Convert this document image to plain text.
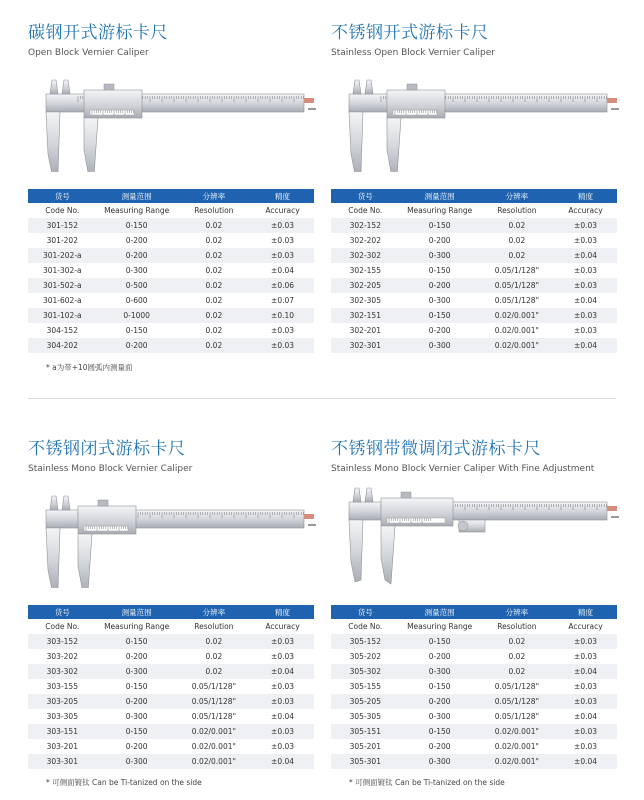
碳钢开式游标卡尺
Open Block Vernier Caliper
货号	测量范围	分辨率	精度
Code No.	Measuring Range	Resolution	Accuracy
301-152	0-150	0.02	±0.03
301-202	0-200	0.02	±0.03
301-202-a	0-200	0.02	±0.03
301-302-a	0-300	0.02	±0.04
301-502-a	0-500	0.02	±0.06
301-602-a	0-600	0.02	±0.07
301-102-a	0-1000	0.02	±0.10
304-152	0-150	0.02	±0.03
304-202	0-200	0.02	±0.03
* a为带+10圆弧内测量面
不锈钢开式游标卡尺
Stainless Open Block Vernier Caliper
货号	测量范围	分辨率	精度
Code No.	Measuring Range	Resolution	Accuracy
302-152	0-150	0.02	±0.03
302-202	0-200	0.02	±0.03
302-302	0-300	0.02	±0.04
302-155	0-150	0.05/1/128"	±0.03
302-205	0-200	0.05/1/128"	±0.03
302-305	0-300	0.05/1/128"	±0.04
302-151	0-150	0.02/0.001"	±0.03
302-201	0-200	0.02/0.001"	±0.03
302-301	0-300	0.02/0.001"	±0.04
不锈钢闭式游标卡尺
Stainless Mono Block Vernier Caliper
货号	测量范围	分辨率	精度
Code No.	Measuring Range	Resolution	Accuracy
303-152	0-150	0.02	±0.03
303-202	0-200	0.02	±0.03
303-302	0-300	0.02	±0.04
303-155	0-150	0.05/1/128"	±0.03
303-205	0-200	0.05/1/128"	±0.03
303-305	0-300	0.05/1/128"	±0.04
303-151	0-150	0.02/0.001"	±0.03
303-201	0-200	0.02/0.001"	±0.03
303-301	0-300	0.02/0.001"	±0.04
* 可侧面镀钛 Can be Ti-tanized on the side
不锈钢带微调闭式游标卡尺
Stainless Mono Block Vernier Caliper With Fine Adjustment
货号	测量范围	分辨率	精度
Code No.	Measuring Range	Resolution	Accuracy
305-152	0-150	0.02	±0.03
305-202	0-200	0.02	±0.03
305-302	0-300	0.02	±0.04
305-155	0-150	0.05/1/128"	±0.03
305-205	0-200	0.05/1/128"	±0.03
305-305	0-300	0.05/1/128"	±0.04
305-151	0-150	0.02/0.001"	±0.03
305-201	0-200	0.02/0.001"	±0.03
305-301	0-300	0.02/0.001"	±0.04
* 可侧面镀钛 Can be Ti-tanized on the side
